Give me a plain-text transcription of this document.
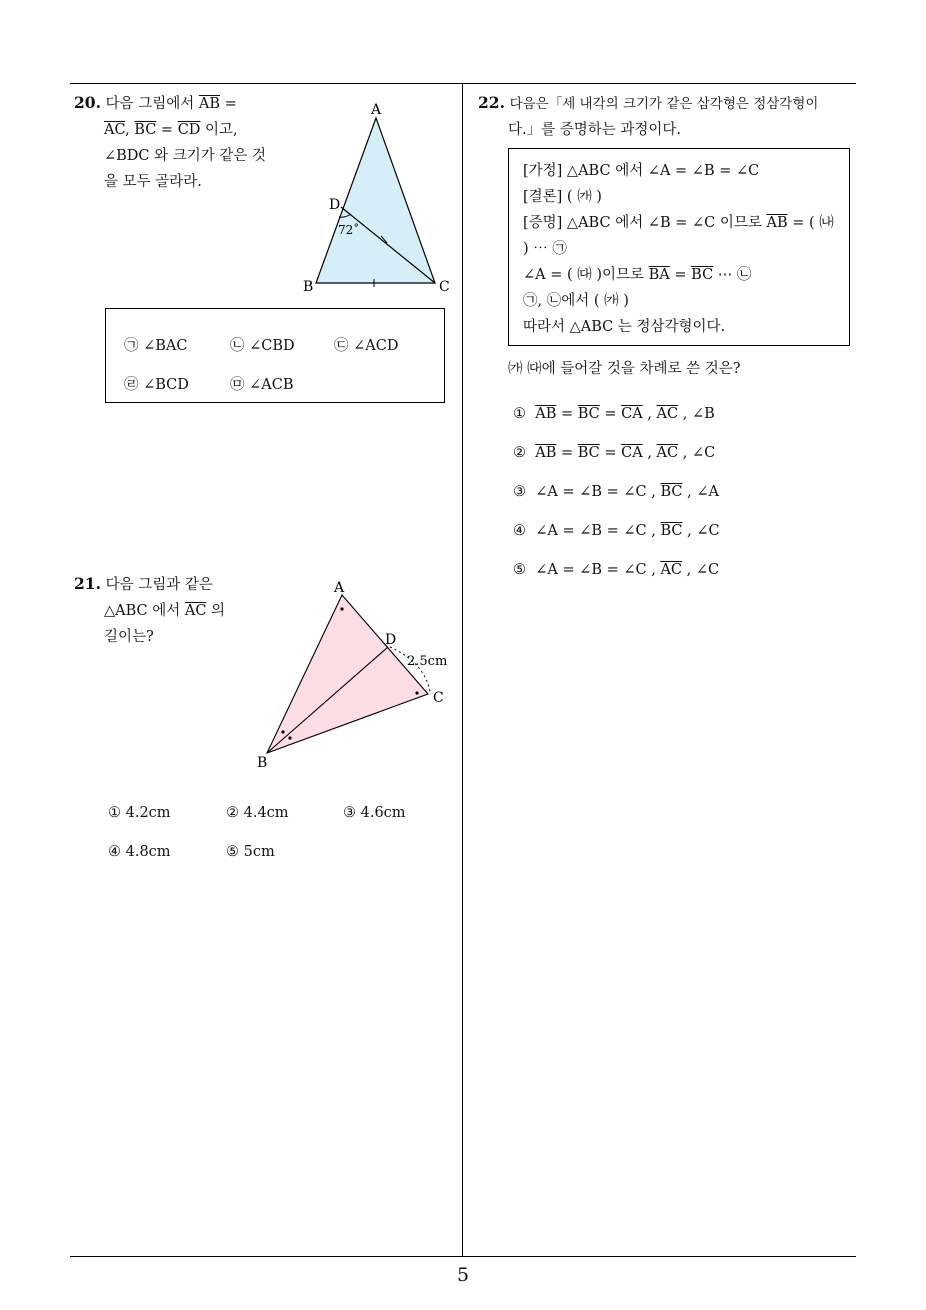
20. 다음 그림에서 $\overline{AB}$ =
$\overline{AC}$, $\overline{BC} = \overline{CD}$ 이고,
∠BDC 와 크기가 같은 것
을 모두 골라라.
A
B	C
D
72˚
㉠ ∠BAC	㉡ ∠CBD	㉢ ∠ACD
㉣ ∠BCD	㉤ ∠ACB
21. 다음 그림과 같은
△ABC 에서 $\overline{AC}$ 의
길이는?
A
B
C
D
2.5cm
① 4.2cm	② 4.4cm	③ 4.6cm
④ 4.8cm	⑤ 5cm
22. 다음은「세 내각의 크기가 같은 삼각형은 정삼각형이
다.」를 증명하는 과정이다.
[가정] △ABC 에서 ∠A = ∠B = ∠C
[결론] ( ㈎ )
[증명] △ABC 에서 ∠B = ∠C 이므로 $\overline{AB}$ = ( ㈏
) ⋯ ㉠
∠A = ( ㈐ )이므로 $\overline{BA} = \overline{BC}$ ⋯ ㉡
㉠, ㉡에서 ( ㈎ )
따라서 △ABC 는 정삼각형이다.
㈎ ㈐에 들어갈 것을 차례로 쓴 것은?
① $\overline{AB} = \overline{BC} = \overline{CA}$ , $\overline{AC}$ , ∠B
② $\overline{AB} = \overline{BC} = \overline{CA}$ , $\overline{AC}$ , ∠C
③ ∠A = ∠B = ∠C , $\overline{BC}$ , ∠A
④ ∠A = ∠B = ∠C , $\overline{BC}$ , ∠C
⑤ ∠A = ∠B = ∠C , $\overline{AC}$ , ∠C
5
